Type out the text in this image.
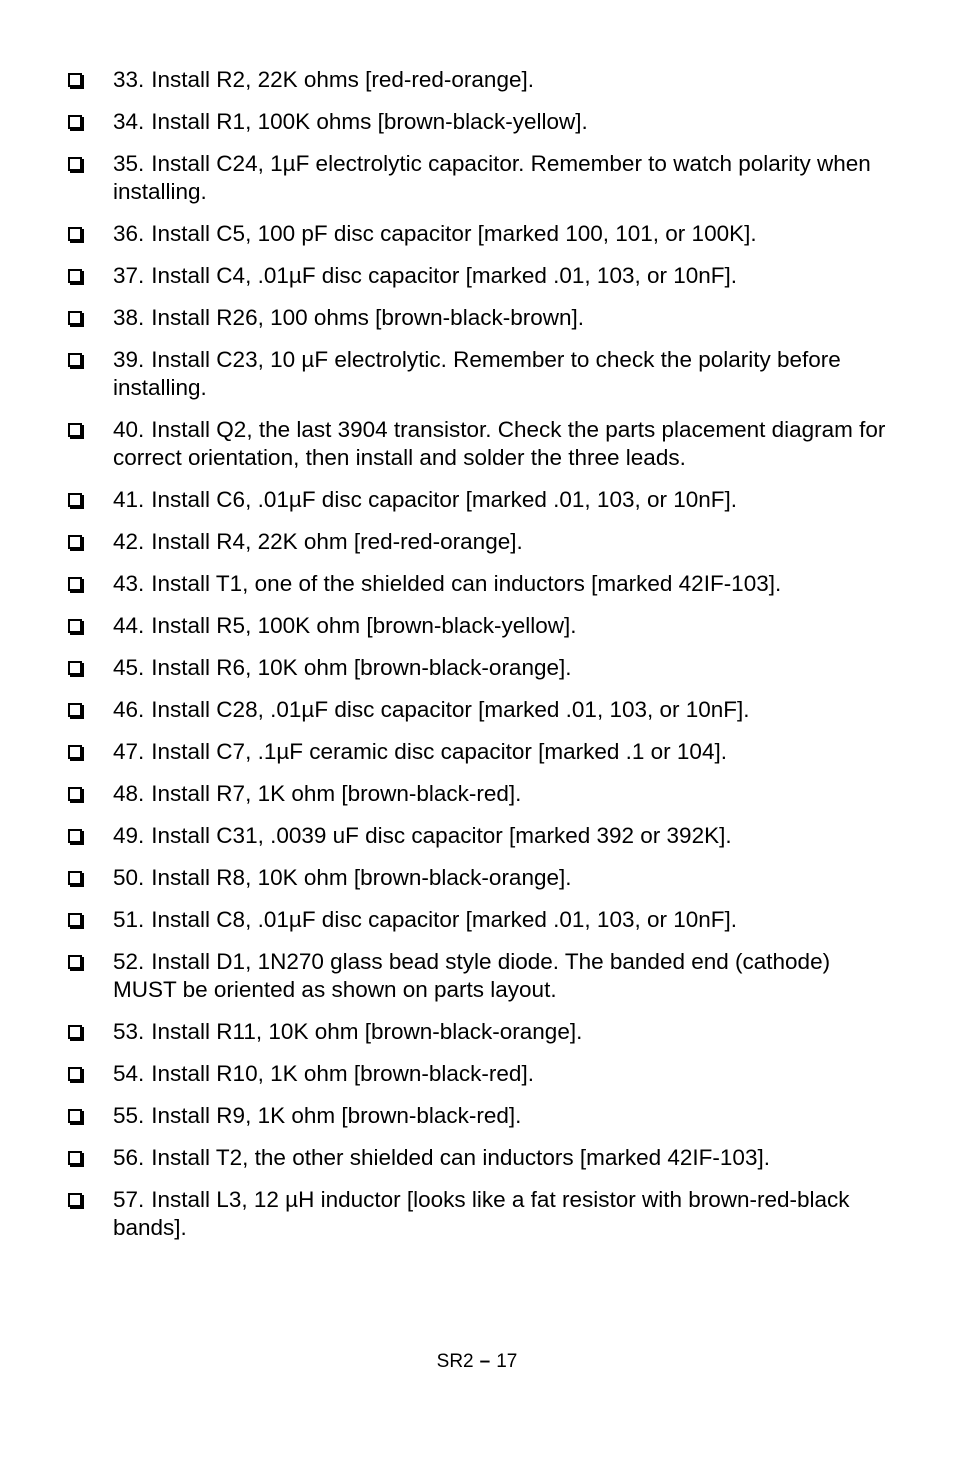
33. Install R2, 22K ohms [red-red-orange].
34. Install R1, 100K ohms [brown-black-yellow].
35. Install C24, 1µF electrolytic capacitor. Remember to watch polarity when installing.
36. Install C5, 100 pF disc capacitor [marked 100, 101, or 100K].
37. Install C4, .01µF disc capacitor [marked .01, 103, or 10nF].
38. Install R26, 100 ohms [brown-black-brown].
39. Install C23, 10 µF electrolytic. Remember to check the polarity before installing.
40. Install Q2, the last 3904 transistor. Check the parts placement diagram for correct orientation, then install and solder the three leads.
41. Install C6, .01µF disc capacitor [marked .01, 103, or 10nF].
42. Install R4, 22K ohm [red-red-orange].
43. Install T1, one of the shielded can inductors [marked 42IF-103].
44. Install R5, 100K ohm [brown-black-yellow].
45. Install R6, 10K ohm [brown-black-orange].
46. Install C28, .01µF disc capacitor [marked .01, 103, or 10nF].
47. Install C7, .1µF ceramic disc capacitor [marked .1 or 104].
48. Install R7, 1K ohm [brown-black-red].
49. Install C31, .0039 uF disc capacitor [marked 392 or 392K].
50. Install R8, 10K ohm [brown-black-orange].
51. Install C8, .01µF disc capacitor [marked .01, 103, or 10nF].
52. Install D1, 1N270 glass bead style diode. The banded end (cathode) MUST be oriented as shown on parts layout.
53. Install R11, 10K ohm [brown-black-orange].
54. Install R10, 1K ohm [brown-black-red].
55. Install R9, 1K ohm [brown-black-red].
56. Install T2, the other shielded can inductors [marked 42IF-103].
57. Install L3, 12 µH inductor [looks like a fat resistor with brown-red-black bands].
SR2 – 17
